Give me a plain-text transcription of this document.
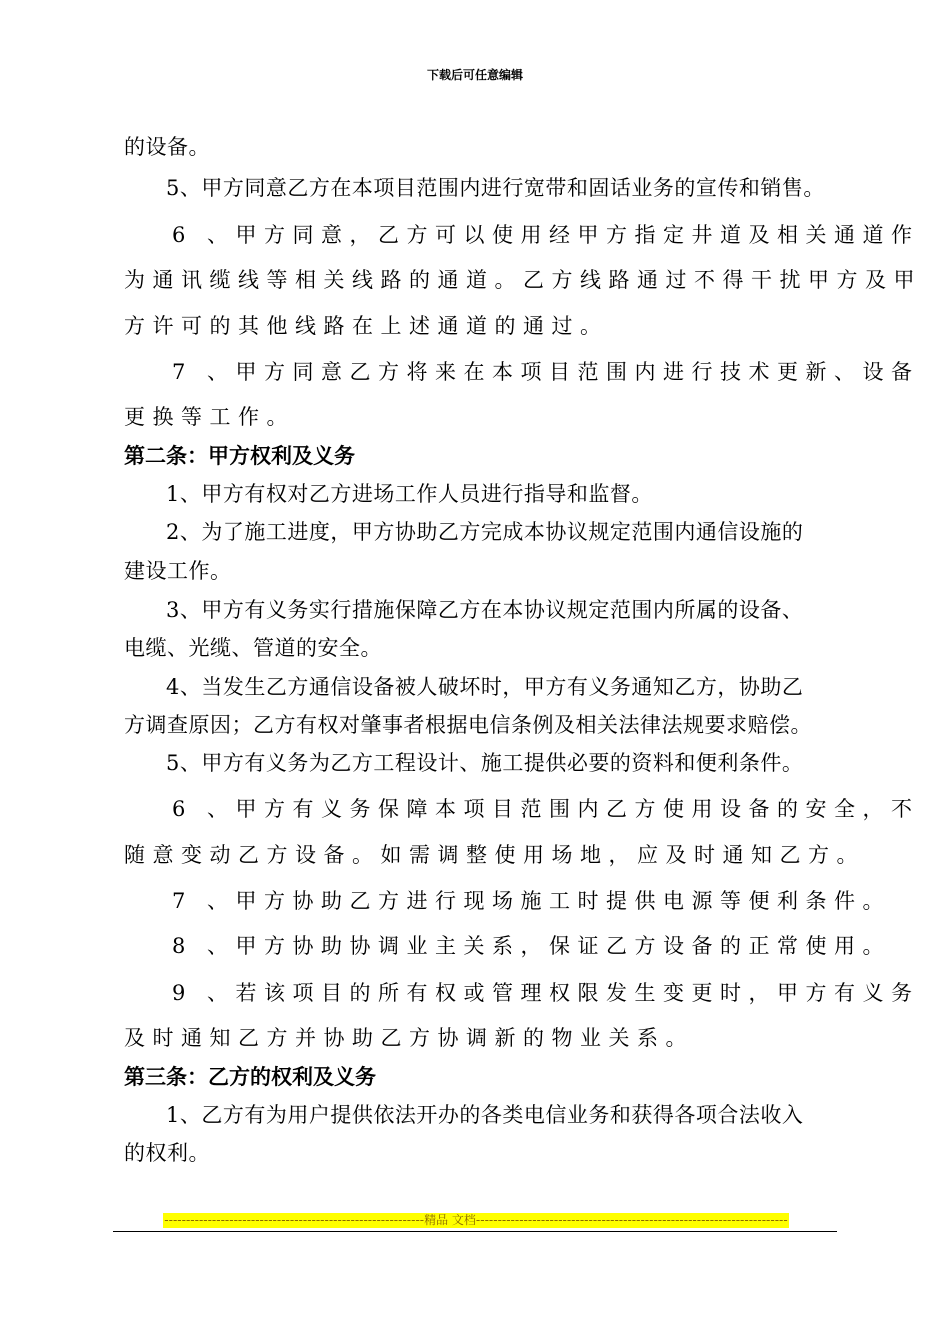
下载后可任意编辑
的设备。
5、甲方同意乙方在本项目范围内进行宽带和固话业务的宣传和销售。
6 、甲方同意，乙方可以使用经甲方指定井道及相关通道作
为通讯缆线等相关线路的通道。乙方线路通过不得干扰甲方及甲
方许可的其他线路在上述通道的通过。
7 、甲方同意乙方将来在本项目范围内进行技术更新、设备
更换等工作。
第二条：甲方权利及义务
1、甲方有权对乙方进场工作人员进行指导和监督。
2、为了施工进度，甲方协助乙方完成本协议规定范围内通信设施的
建设工作。
3、甲方有义务实行措施保障乙方在本协议规定范围内所属的设备、
电缆、光缆、管道的安全。
4、当发生乙方通信设备被人破坏时，甲方有义务通知乙方，协助乙
方调查原因；乙方有权对肇事者根据电信条例及相关法律法规要求赔偿。
5、甲方有义务为乙方工程设计、施工提供必要的资料和便利条件。
6 、甲方有义务保障本项目范围内乙方使用设备的安全，不
随意变动乙方设备。如需调整使用场地，应及时通知乙方。
7 、甲方协助乙方进行现场施工时提供电源等便利条件。
8 、甲方协助协调业主关系，保证乙方设备的正常使用。
9 、若该项目的所有权或管理权限发生变更时，甲方有义务
及时通知乙方并协助乙方协调新的物业关系。
第三条：乙方的权利及义务
1、乙方有为用户提供依法开办的各类电信业务和获得各项合法收入
的权利。
------------------------------------------------------------精品 文档------------------------------------------------------------------------
